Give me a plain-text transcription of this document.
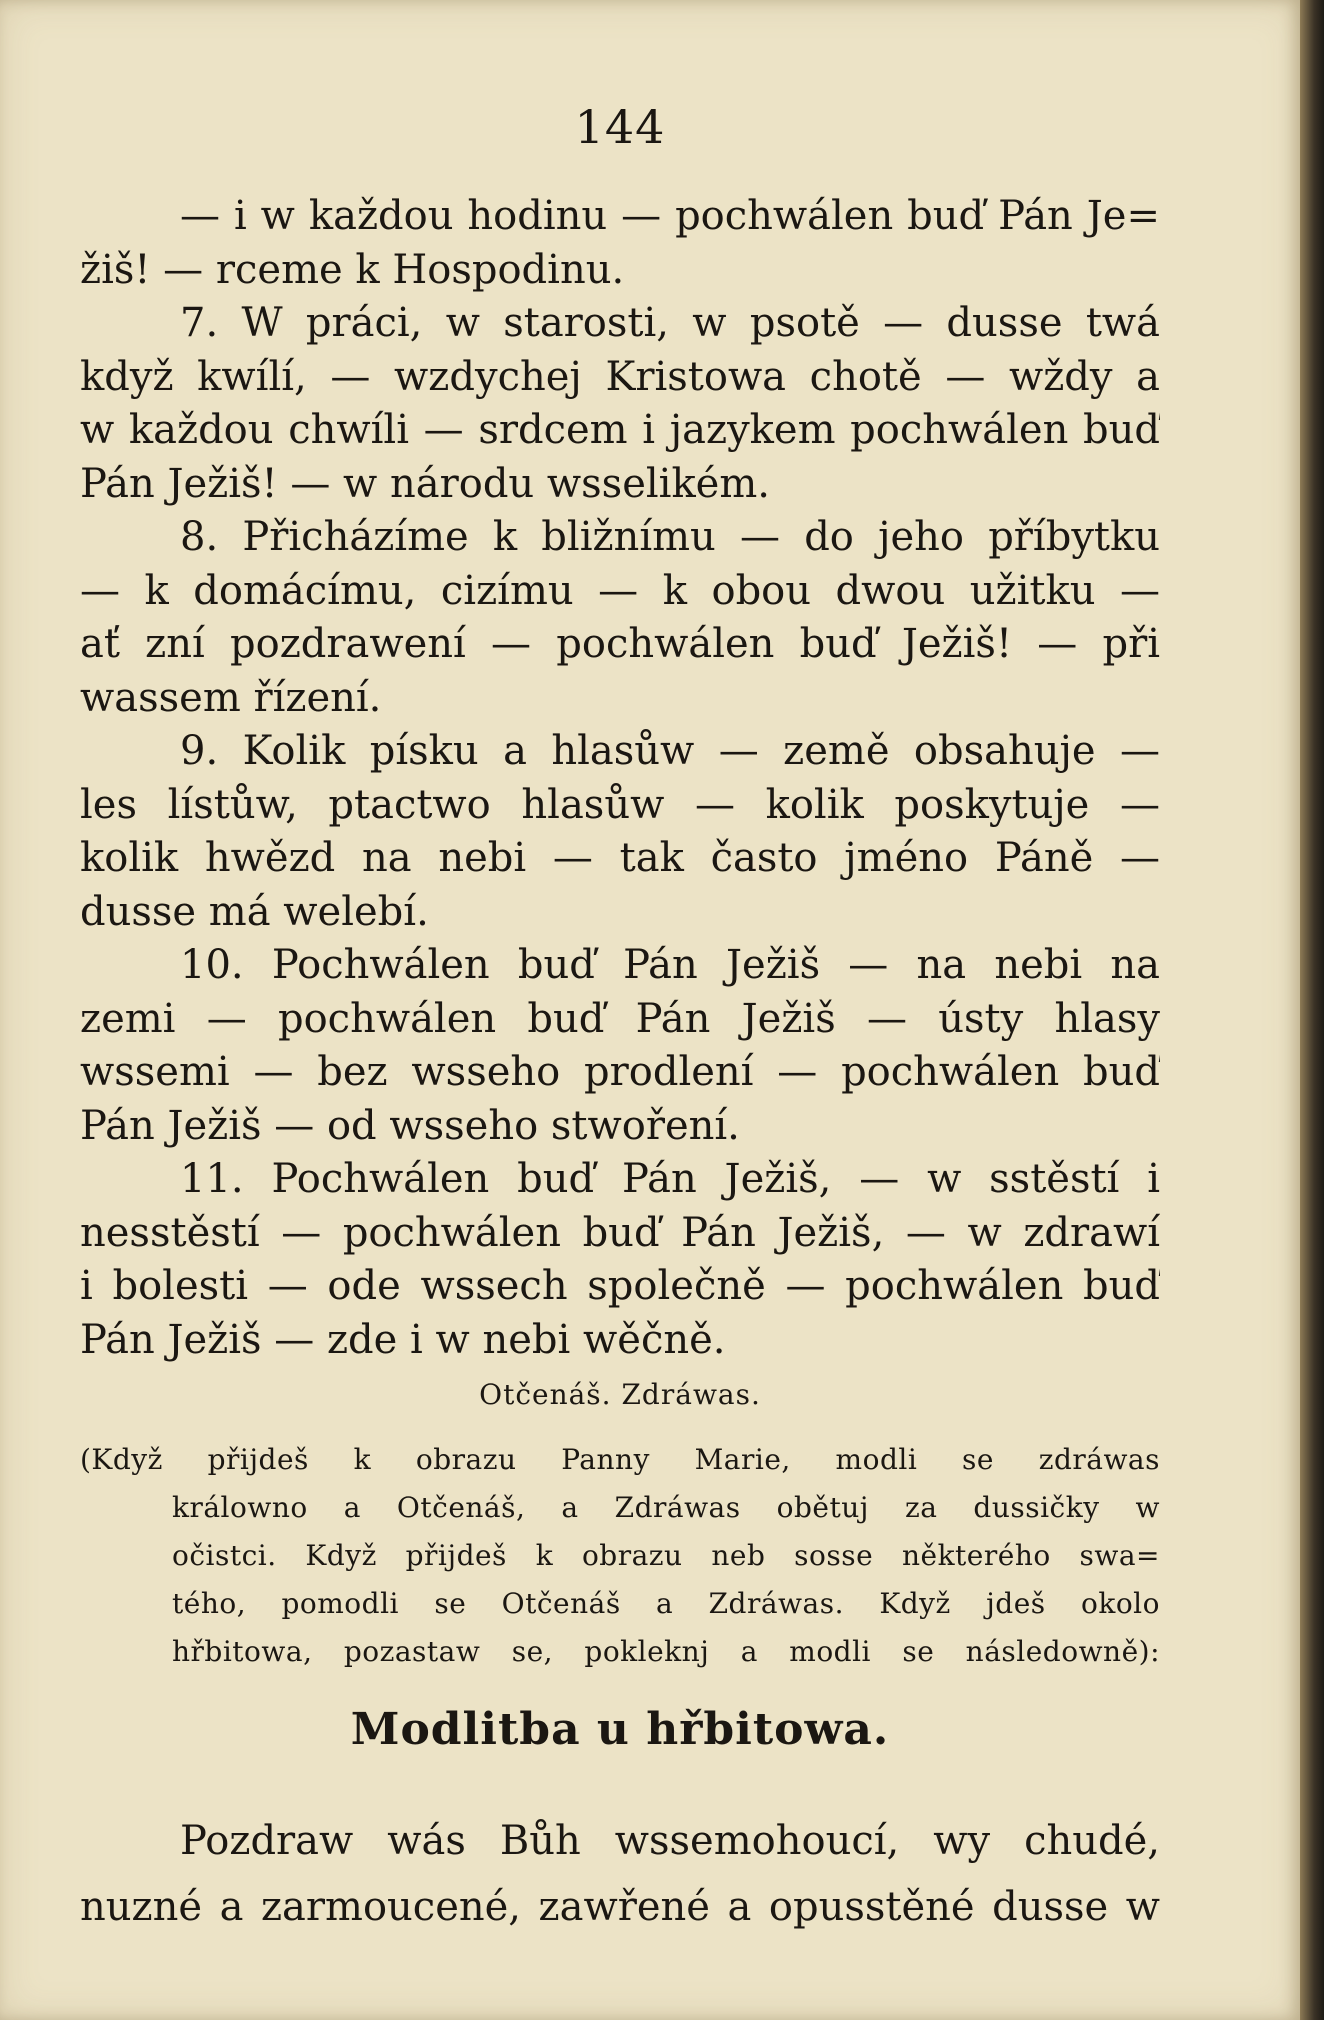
144
— i w každou hodinu — pochwálen buď Pán Je=
žiš! — rceme k Hospodinu.
7. W práci, w starosti, w psotě — dusse twá
když kwílí, — wzdychej Kristowa chotě — wždy a
w každou chwíli — srdcem i jazykem pochwálen buď
Pán Ježiš! — w národu wsselikém.
8. Přicházíme k bližnímu — do jeho příbytku
— k domácímu, cizímu — k obou dwou užitku —
ať zní pozdrawení — pochwálen buď Ježiš! — při
wassem řízení.
9. Kolik písku a hlasůw — země obsahuje —
les lístůw, ptactwo hlasůw — kolik poskytuje —
kolik hwězd na nebi — tak často jméno Páně —
dusse má welebí.
10. Pochwálen buď Pán Ježiš — na nebi na
zemi — pochwálen buď Pán Ježiš — ústy hlasy
wssemi — bez wsseho prodlení — pochwálen buď
Pán Ježiš — od wsseho stwoření.
11. Pochwálen buď Pán Ježiš, — w sstěstí i
nesstěstí — pochwálen buď Pán Ježiš, — w zdrawí
i bolesti — ode wssech společně — pochwálen buď
Pán Ježiš — zde i w nebi wěčně.
Otčenáš. Zdráwas.
(Když přijdeš k obrazu Panny Marie, modli se zdráwas
králowno a Otčenáš, a Zdráwas obětuj za dussičky w
očistci. Když přijdeš k obrazu neb sosse některého swa=
tého, pomodli se Otčenáš a Zdráwas. Když jdeš okolo
hřbitowa, pozastaw se, pokleknj a modli se následowně):
Modlitba u hřbitowa.
Pozdraw wás Bůh wssemohoucí, wy chudé,
nuzné a zarmoucené, zawřené a opusstěné dusse w
